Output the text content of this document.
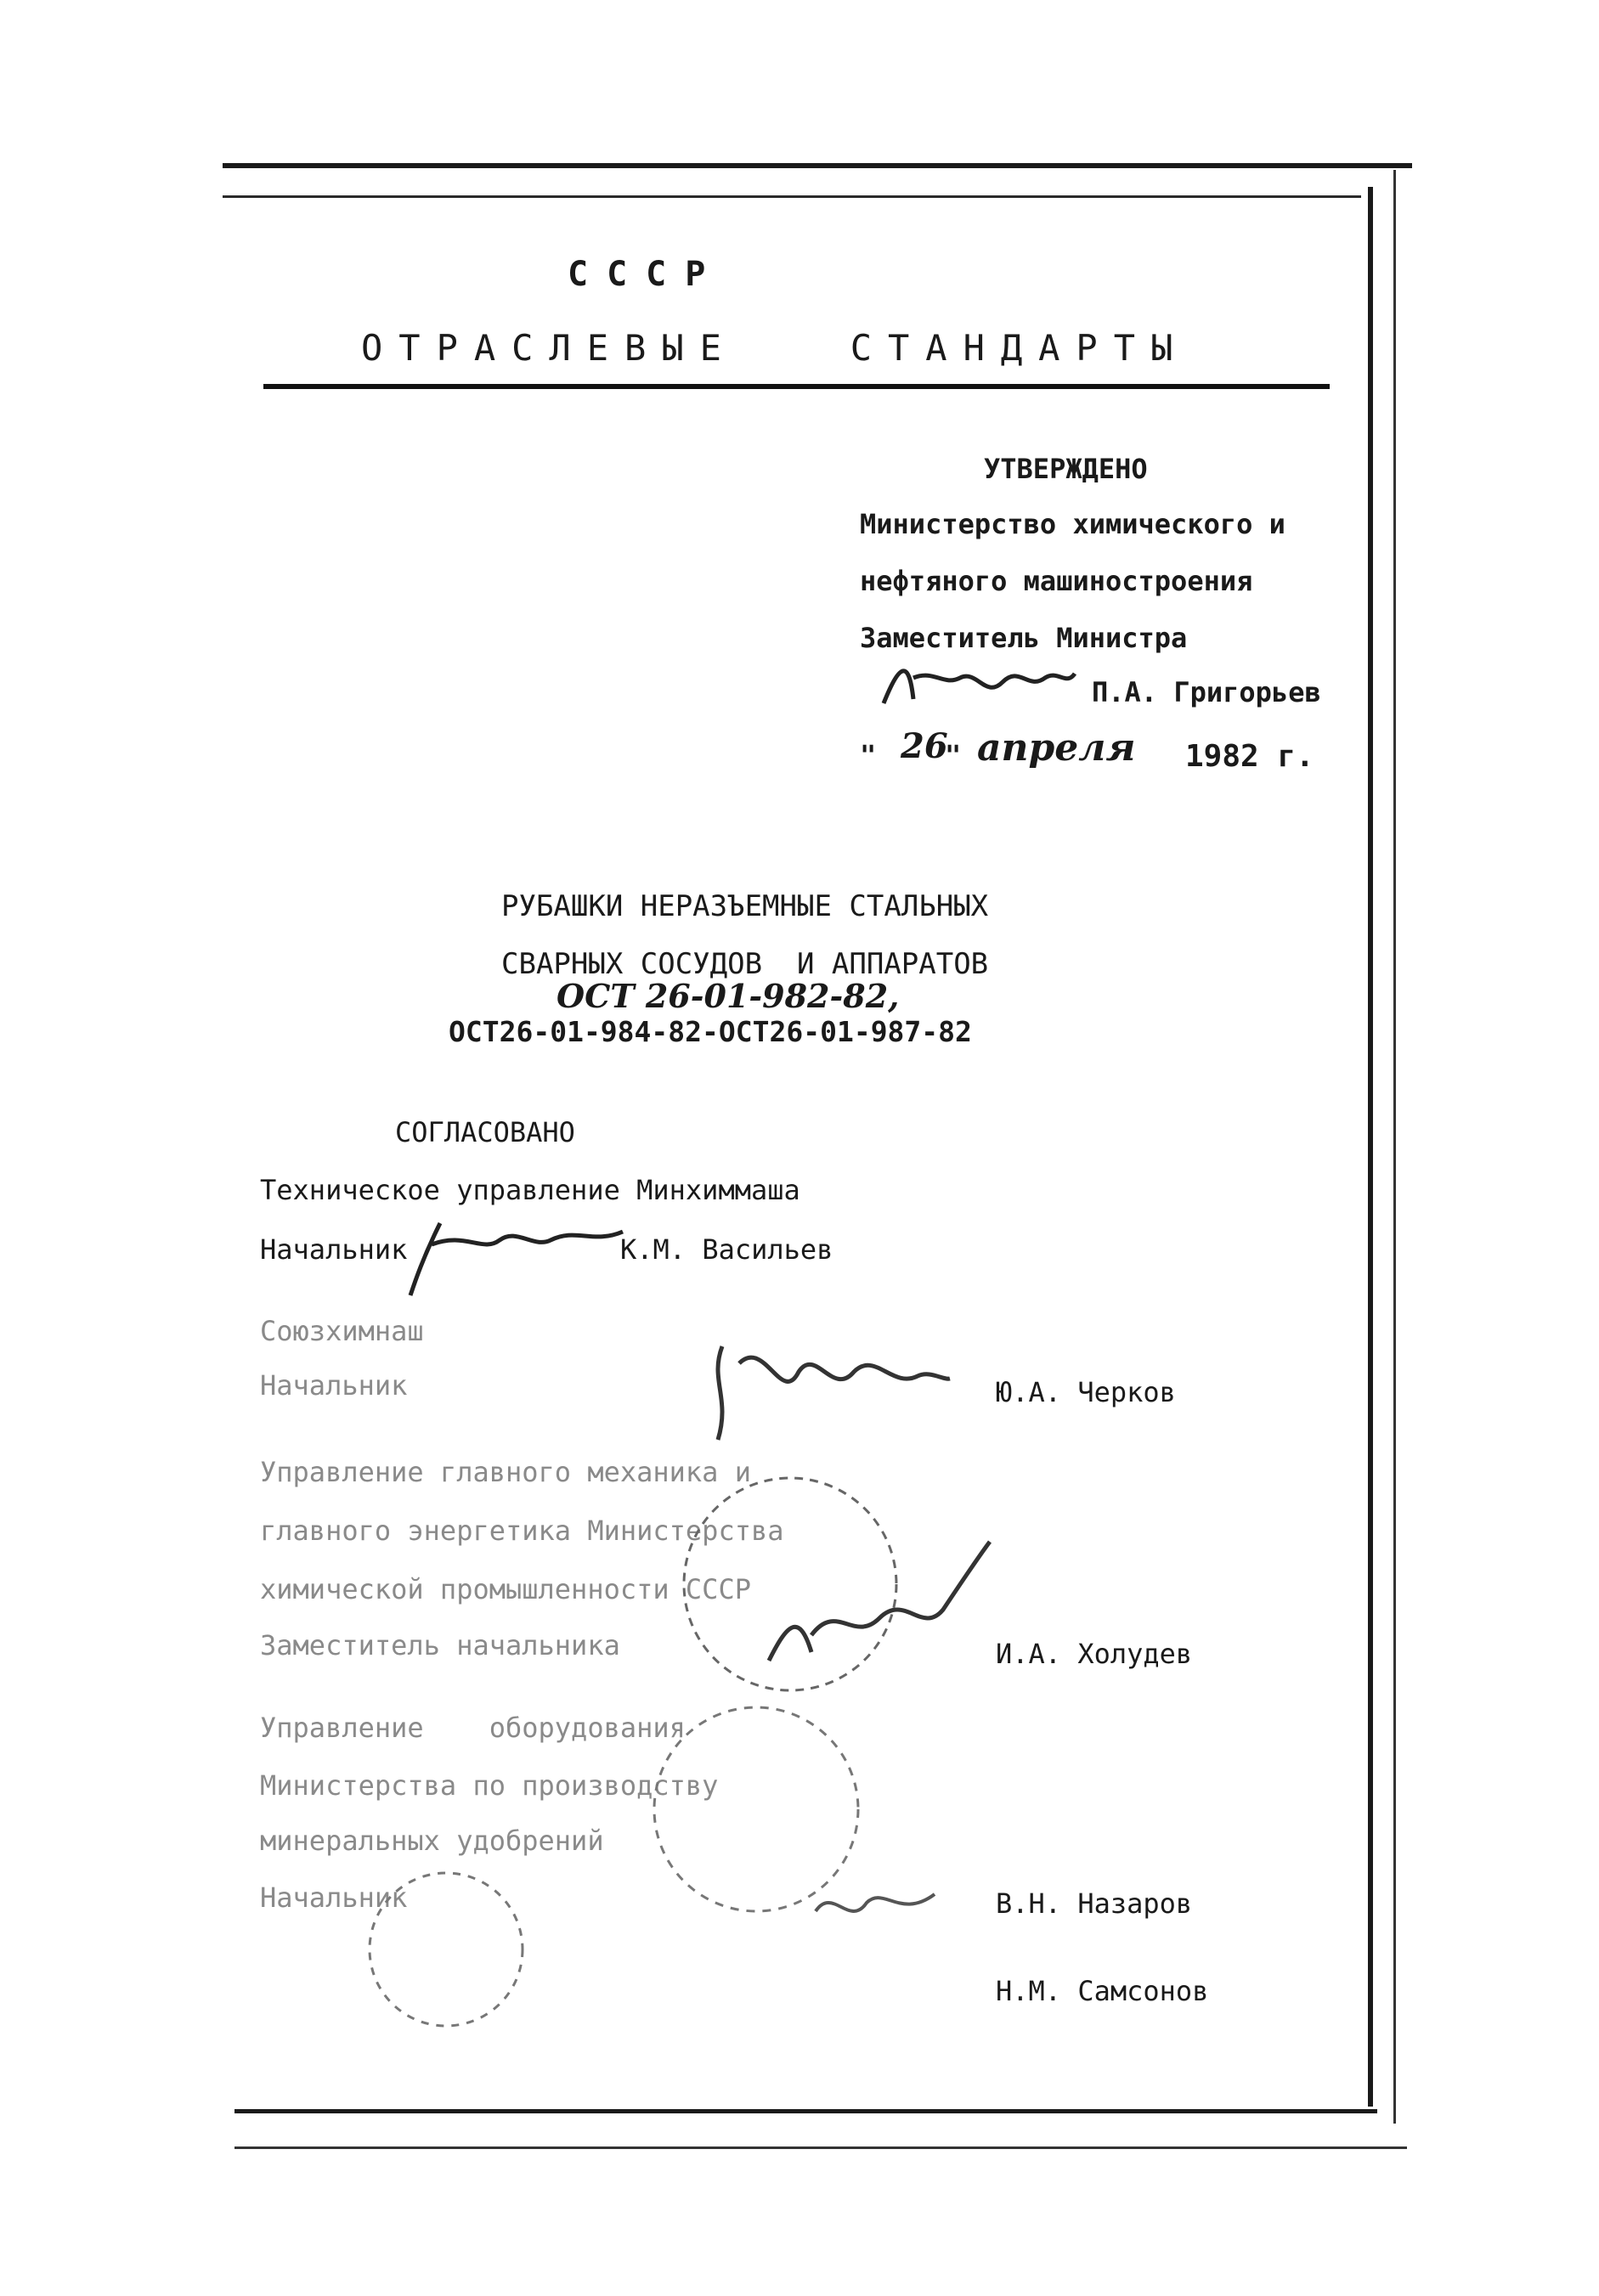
СССР
ОТРАСЛЕВЫЕ   СТАНДАРТЫ
УТВЕРЖДЕНО
Министерство химического и
нефтяного машиностроения
Заместитель Министра
П.А. Григорьев
" 26
" апреля 1982 г.
РУБАШКИ НЕРАЗЪЕМНЫЕ СТАЛЬНЫХ
СВАРНЫХ СОСУДОВ  И АППАРАТОВ
ОСТ 26-01-982-82,
ОСТ26-01-984-82-ОСТ26-01-987-82
СОГЛАСОВАНО
Техническое управление Минхиммаша
Начальник	К.М. Васильев
Союзхимнаш
Начальник	Ю.А. Черков
Управление главного механика и
главного энергетика Министерства
химической промышленности СССР
Заместитель начальника	И.А. Холудев
Управление    оборудования
Министерства по производству
минеральных удобрений
Начальник	В.Н. Назаров
Н.М. Самсонов
